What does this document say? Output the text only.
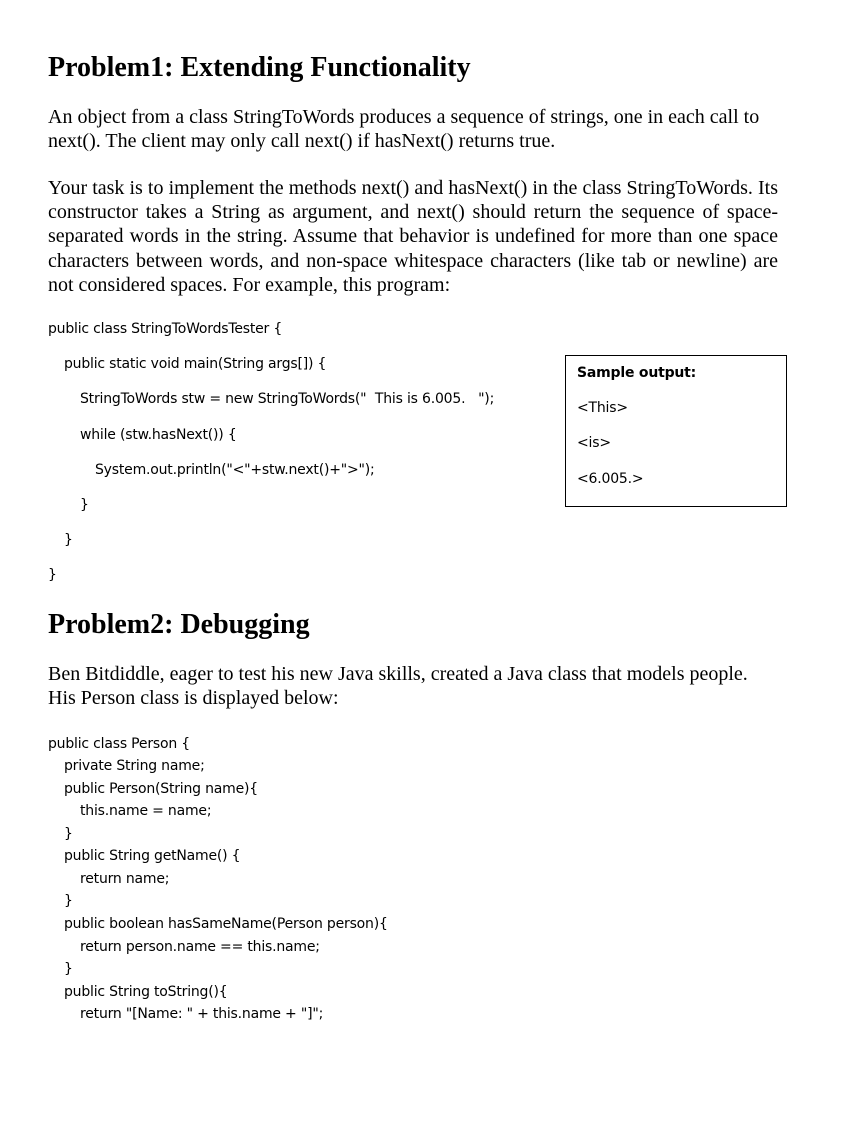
Problem1: Extending Functionality

An object from a class StringToWords produces a sequence of strings, one in each call to next(). The client may only call next() if hasNext() returns true.

Your task is to implement the methods next() and hasNext() in the class StringToWords. Its constructor takes a String as argument, and next() should return the sequence of space-separated words in the string. Assume that behavior is undefined for more than one space characters between words, and non-space whitespace characters (like tab or newline) are not considered spaces. For example, this program:

public class StringToWordsTester {

public static void main(String args[]) {

StringToWords stw = new StringToWords("  This is 6.005.   ");

while (stw.hasNext()) {

System.out.println("<"+stw.next()+">");

}

}

}

Sample output:

<This>

<is>

<6.005.>

Problem2: Debugging

Ben Bitdiddle, eager to test his new Java skills, created a Java class that models people. His Person class is displayed below:

public class Person {

private String name;

public Person(String name){

this.name = name;

}

public String getName() {

return name;

}

public boolean hasSameName(Person person){

return person.name == this.name;

}

public String toString(){

return "[Name: " + this.name + "]";
